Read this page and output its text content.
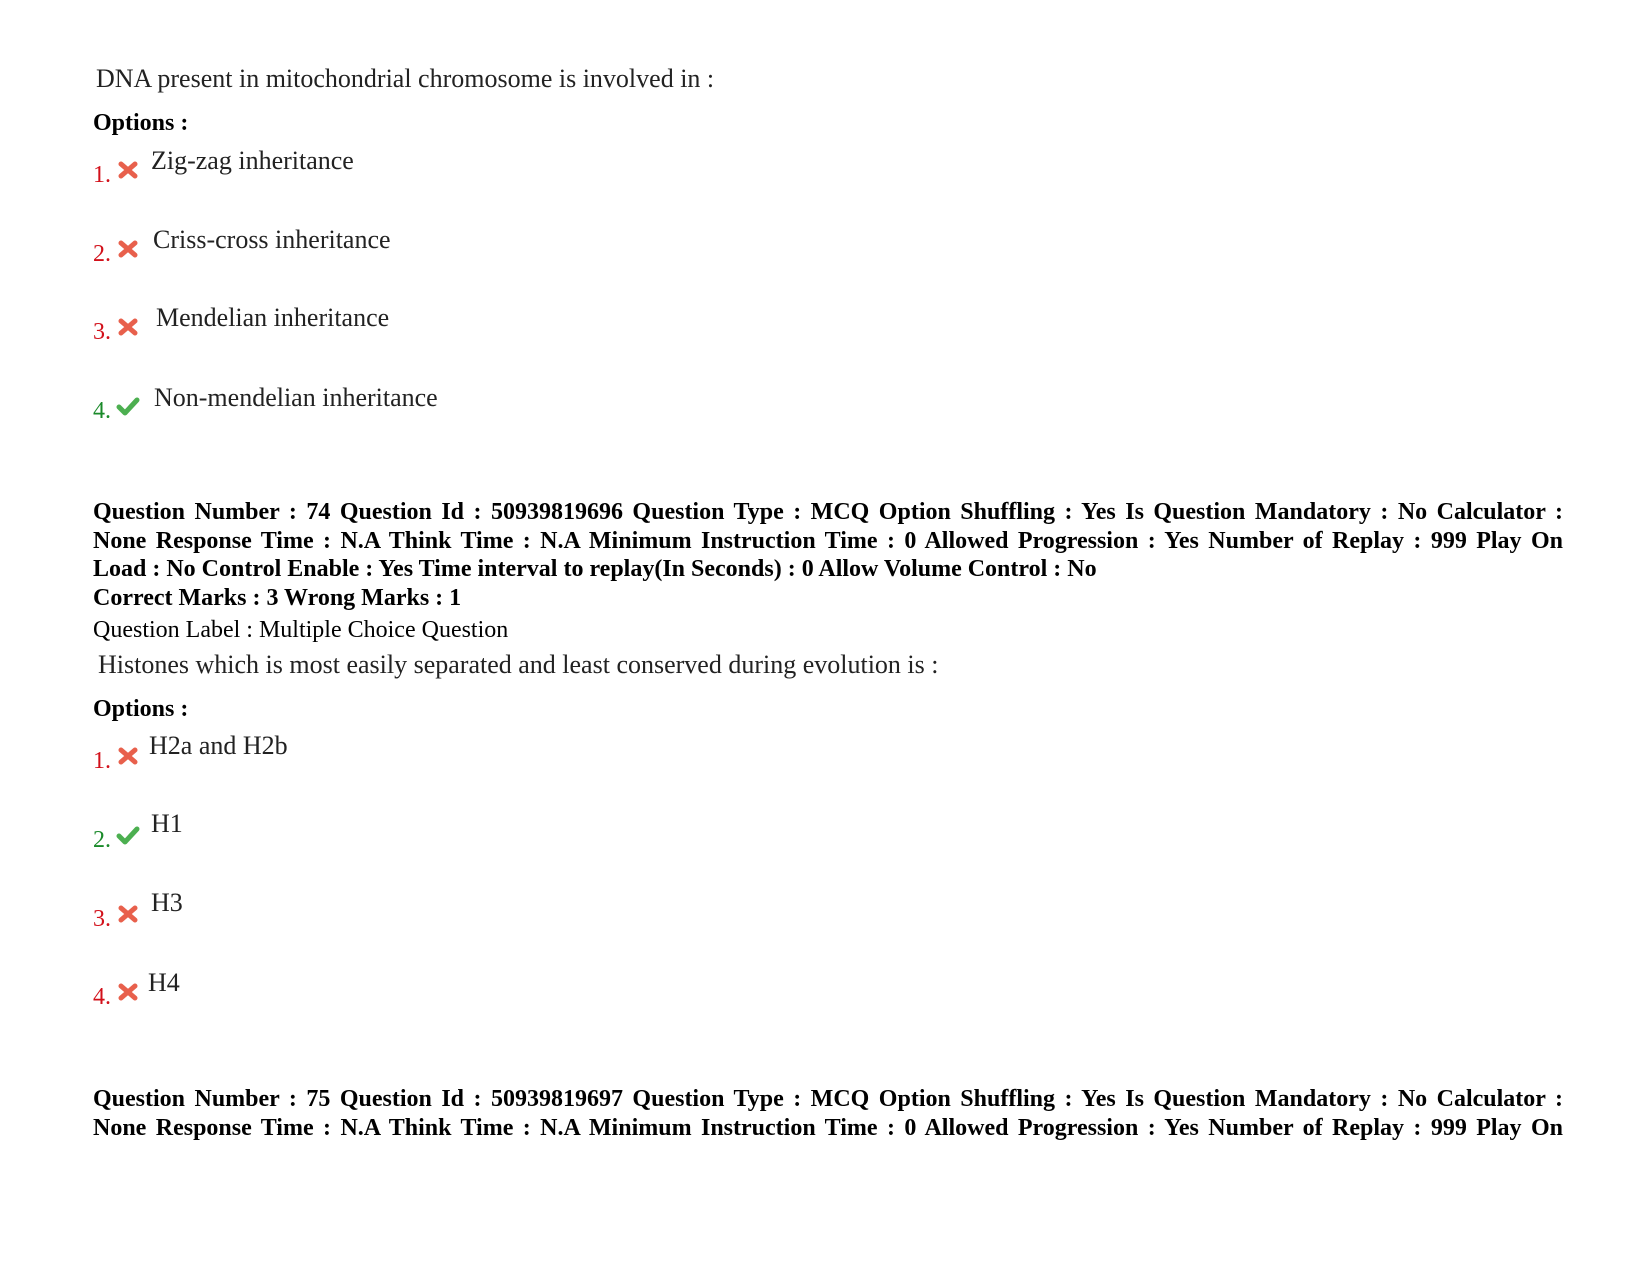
DNA present in mitochondrial chromosome is involved in :
Options :
1. Zig-zag inheritance
2. Criss-cross inheritance
3. Mendelian inheritance
4. Non-mendelian inheritance
Question Number : 74 Question Id : 50939819696 Question Type : MCQ Option Shuffling : Yes Is Question Mandatory : No Calculator :
None Response Time : N.A Think Time : N.A Minimum Instruction Time : 0 Allowed Progression : Yes Number of Replay : 999 Play On
Load : No Control Enable : Yes Time interval to replay(In Seconds) : 0 Allow Volume Control : No
Correct Marks : 3 Wrong Marks : 1
Question Label : Multiple Choice Question
Histones which is most easily separated and least conserved during evolution is :
Options :
1.
H2a and H2b
2.
H1
3.
H3
4. H4
Question Number : 75 Question Id : 50939819697 Question Type : MCQ Option Shuffling : Yes Is Question Mandatory : No Calculator :
None Response Time : N.A Think Time : N.A Minimum Instruction Time : 0 Allowed Progression : Yes Number of Replay : 999 Play On
